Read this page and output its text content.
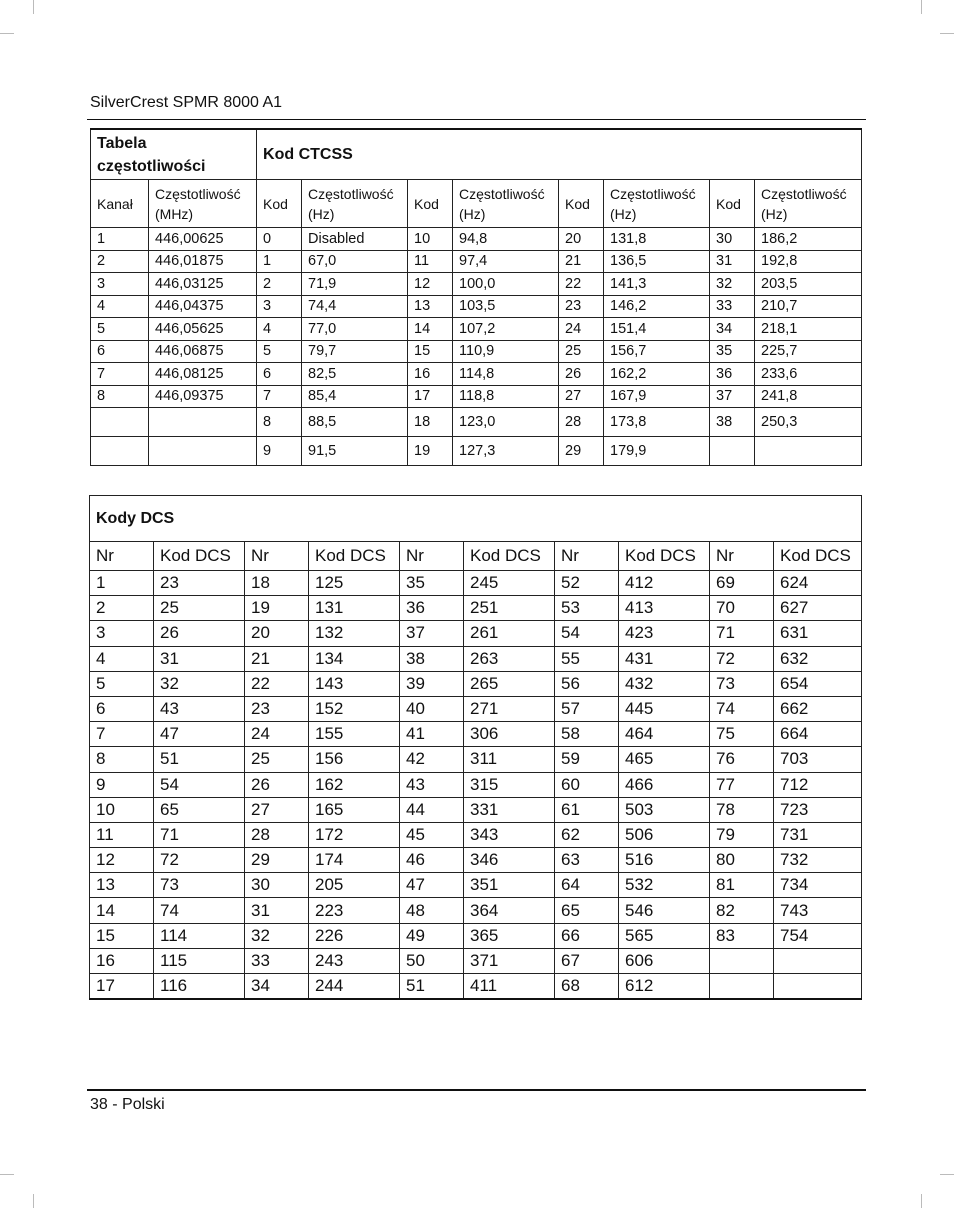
SilverCrest SPMR 8000 A1
Tabela częstotliwości		Kod CTCSS							
Kanał	Częstotliwość (MHz)	Kod	Częstotliwość (Hz)	Kod	Częstotliwość (Hz)	Kod	Częstotliwość (Hz)	Kod	Częstotliwość (Hz)
1	446,00625	0	Disabled	10	94,8	20	131,8	30	186,2
2	446,01875	1	67,0	11	97,4	21	136,5	31	192,8
3	446,03125	2	71,9	12	100,0	22	141,3	32	203,5
4	446,04375	3	74,4	13	103,5	23	146,2	33	210,7
5	446,05625	4	77,0	14	107,2	24	151,4	34	218,1
6	446,06875	5	79,7	15	110,9	25	156,7	35	225,7
7	446,08125	6	82,5	16	114,8	26	162,2	36	233,6
8	446,09375	7	85,4	17	118,8	27	167,9	37	241,8
		8	88,5	18	123,0	28	173,8	38	250,3
		9	91,5	19	127,3	29	179,9		
Kody DCS									
Nr	Kod DCS	Nr	Kod DCS	Nr	Kod DCS	Nr	Kod DCS	Nr	Kod DCS
1	23	18	125	35	245	52	412	69	624
2	25	19	131	36	251	53	413	70	627
3	26	20	132	37	261	54	423	71	631
4	31	21	134	38	263	55	431	72	632
5	32	22	143	39	265	56	432	73	654
6	43	23	152	40	271	57	445	74	662
7	47	24	155	41	306	58	464	75	664
8	51	25	156	42	311	59	465	76	703
9	54	26	162	43	315	60	466	77	712
10	65	27	165	44	331	61	503	78	723
11	71	28	172	45	343	62	506	79	731
12	72	29	174	46	346	63	516	80	732
13	73	30	205	47	351	64	532	81	734
14	74	31	223	48	364	65	546	82	743
15	114	32	226	49	365	66	565	83	754
16	115	33	243	50	371	67	606		
17	116	34	244	51	411	68	612		
38 - Polski
